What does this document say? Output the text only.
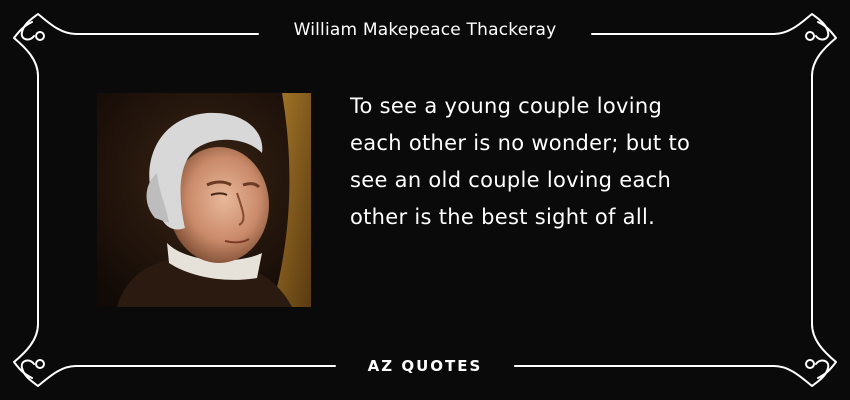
William Makepeace Thackeray
To see a young couple loving
each other is no wonder; but to
see an old couple loving each
other is the best sight of all.
AZ QUOTES
